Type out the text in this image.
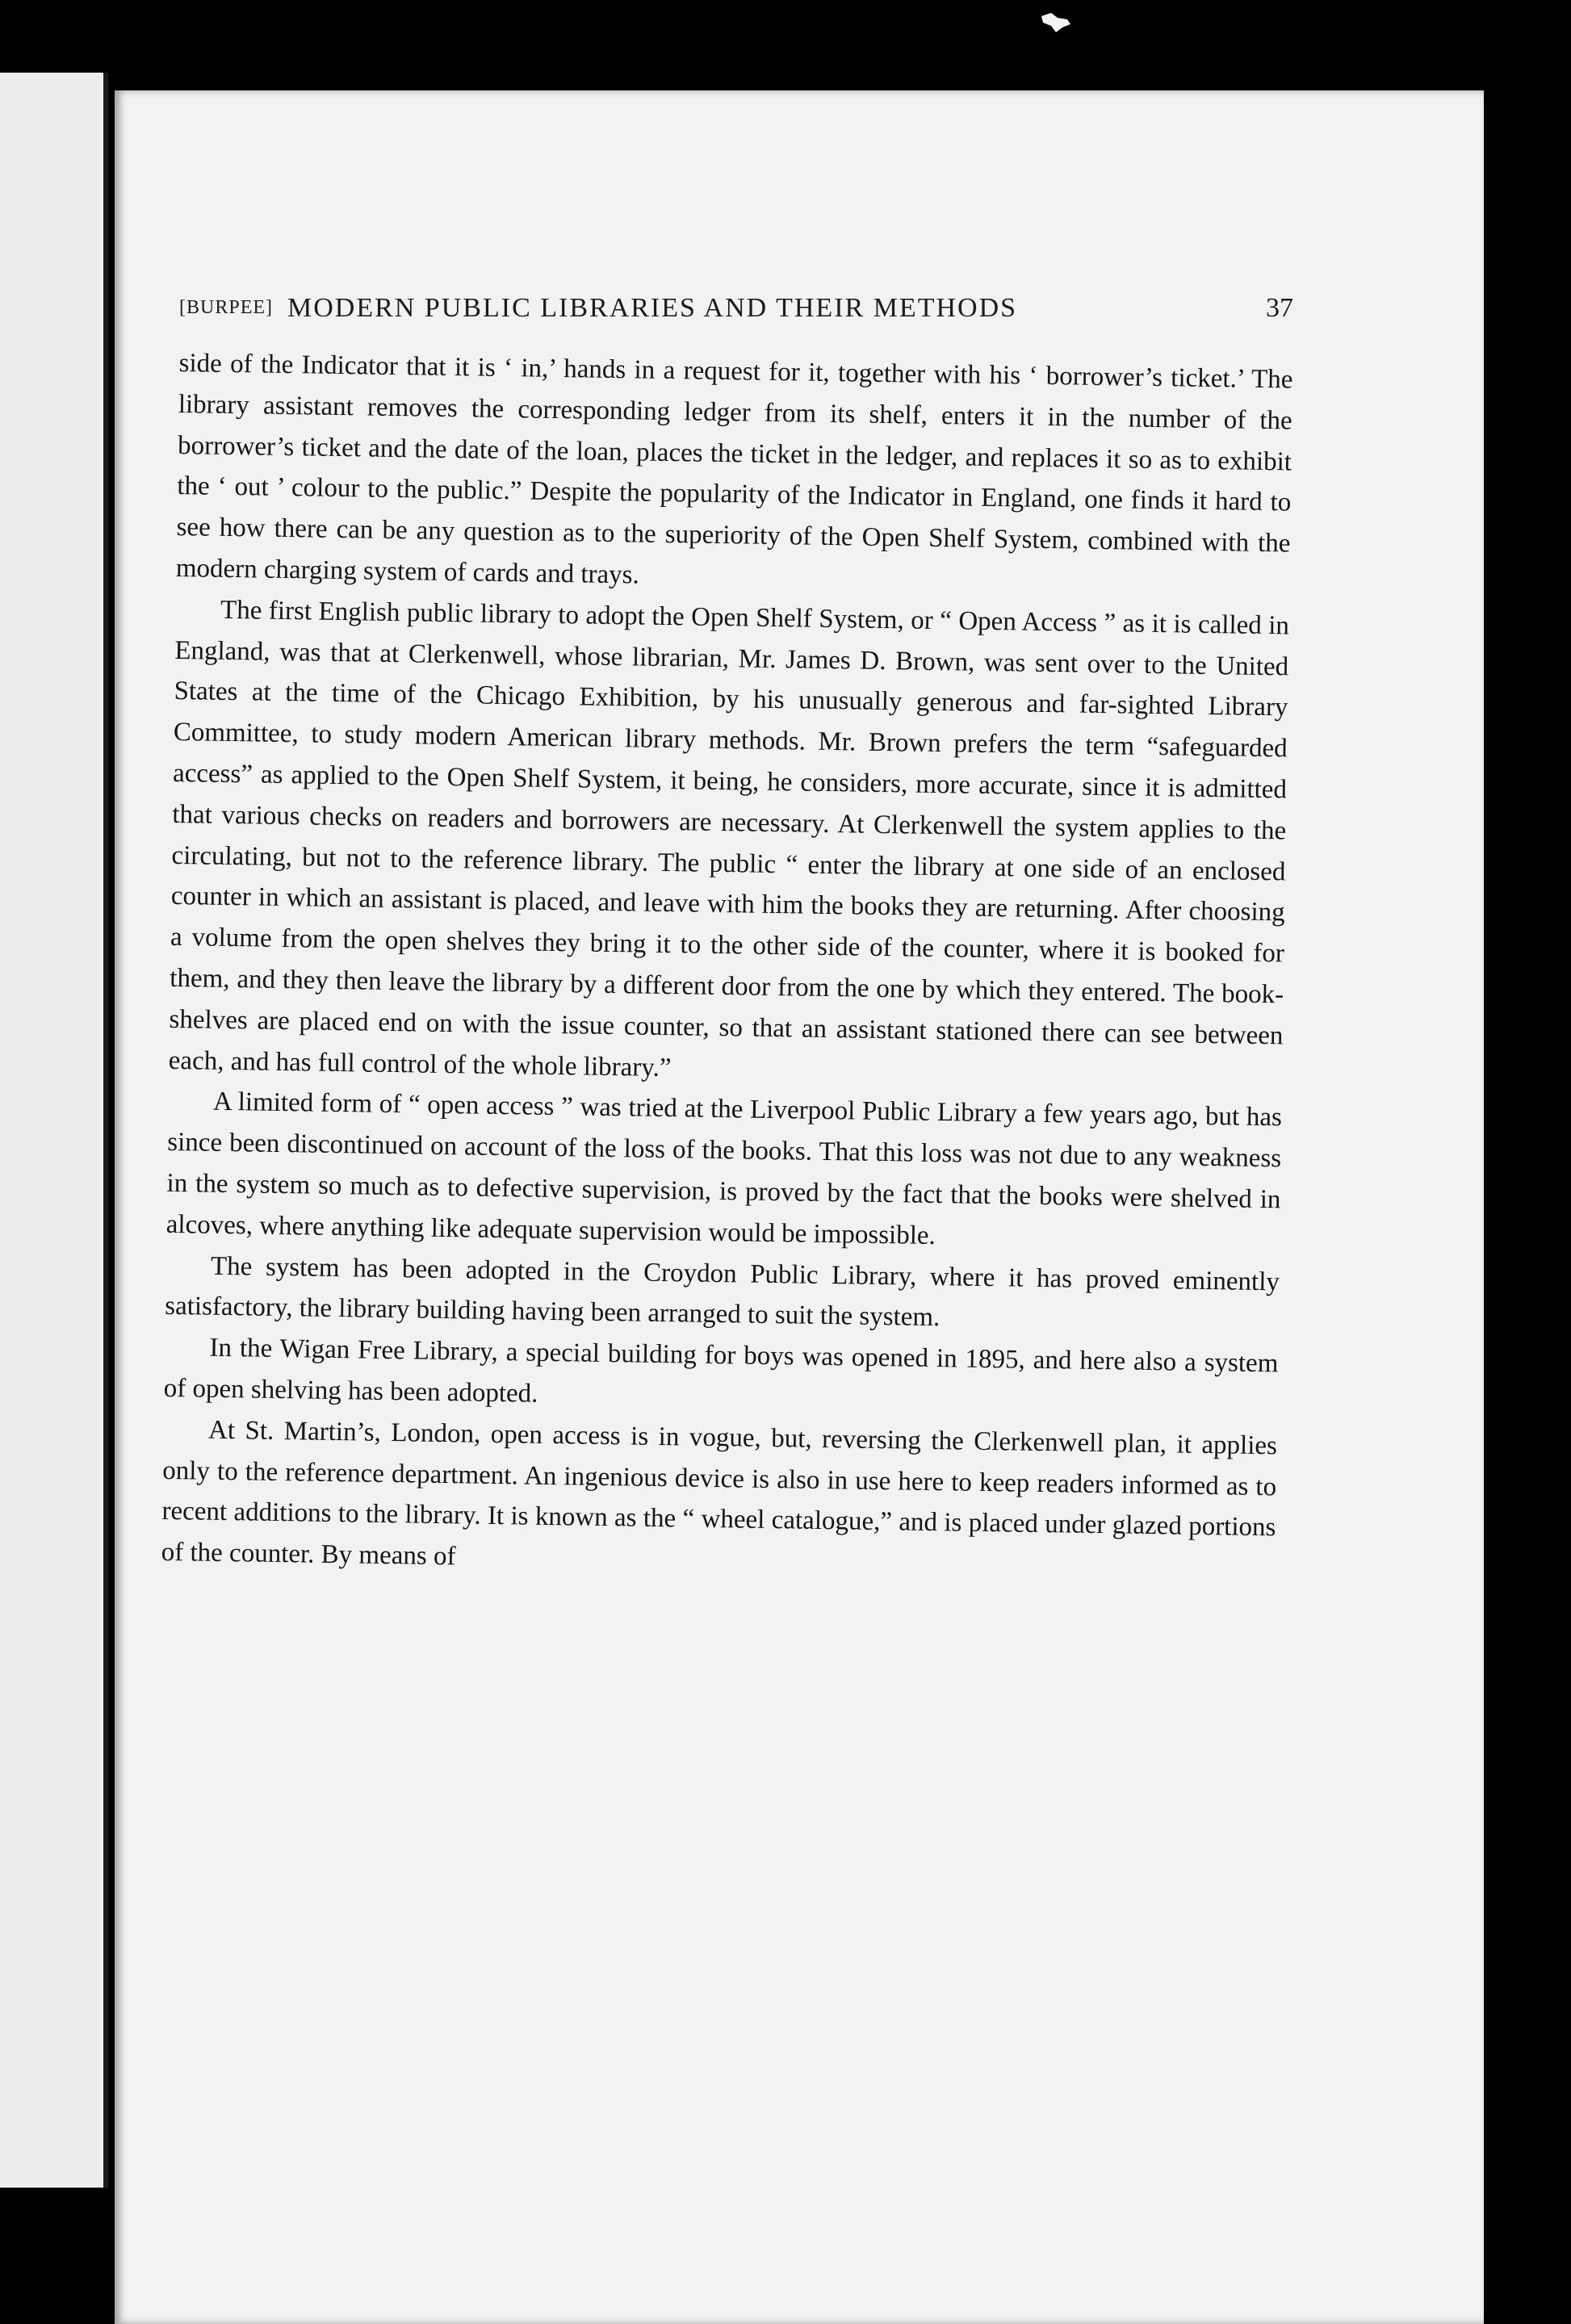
[BURPEE] MODERN PUBLIC LIBRARIES AND THEIR METHODS	37

side of the Indicator that it is ‘ in,’ hands in a request for it, together with his ‘ borrower’s ticket.’ The library assistant removes the corresponding ledger from its shelf, enters it in the number of the borrower’s ticket and the date of the loan, places the ticket in the ledger, and replaces it so as to exhibit the ‘ out ’ colour to the public.” Despite the popularity of the Indicator in England, one finds it hard to see how there can be any question as to the superiority of the Open Shelf System, combined with the modern charging system of cards and trays.

The first English public library to adopt the Open Shelf System, or “ Open Access ” as it is called in England, was that at Clerkenwell, whose librarian, Mr. James D. Brown, was sent over to the United States at the time of the Chicago Exhibition, by his unusually generous and far-sighted Library Committee, to study modern American library methods. Mr. Brown prefers the term “safeguarded access” as applied to the Open Shelf System, it being, he considers, more accurate, since it is admitted that various checks on readers and borrowers are necessary. At Clerkenwell the system applies to the circulating, but not to the reference library. The public “ enter the library at one side of an enclosed counter in which an assistant is placed, and leave with him the books they are returning. After choosing a volume from the open shelves they bring it to the other side of the counter, where it is booked for them, and they then leave the library by a different door from the one by which they entered. The book-shelves are placed end on with the issue counter, so that an assistant stationed there can see between each, and has full control of the whole library.”

A limited form of “ open access ” was tried at the Liverpool Public Library a few years ago, but has since been discontinued on account of the loss of the books. That this loss was not due to any weakness in the system so much as to defective supervision, is proved by the fact that the books were shelved in alcoves, where anything like adequate supervision would be impossible.

The system has been adopted in the Croydon Public Library, where it has proved eminently satisfactory, the library building having been arranged to suit the system.

In the Wigan Free Library, a special building for boys was opened in 1895, and here also a system of open shelving has been adopted.

At St. Martin’s, London, open access is in vogue, but, reversing the Clerkenwell plan, it applies only to the reference department. An ingenious device is also in use here to keep readers informed as to recent additions to the library. It is known as the “ wheel catalogue,” and is placed under glazed portions of the counter. By means of
